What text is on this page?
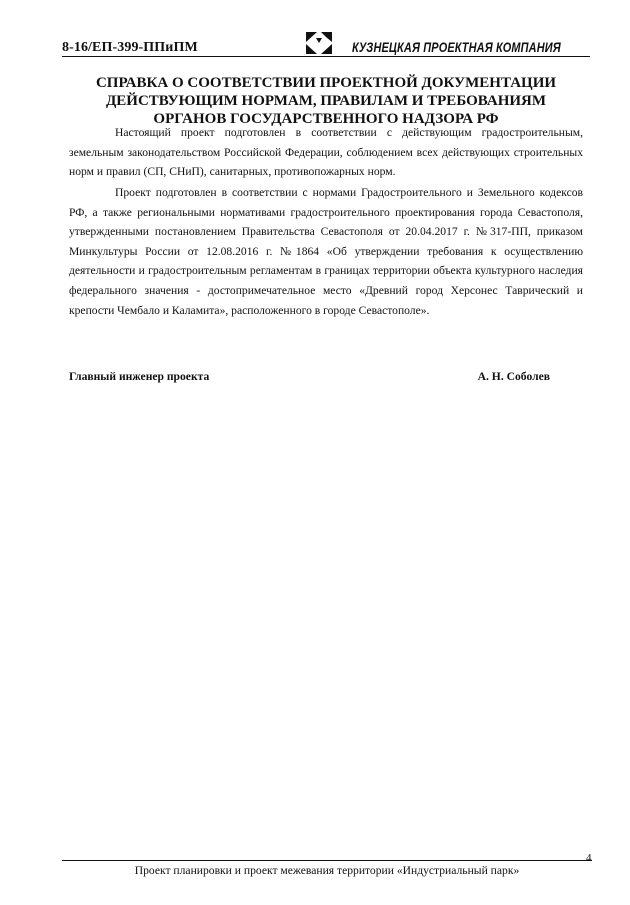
8-16/ЕП-399-ППиПМ	КУЗНЕЦКАЯ ПРОЕКТНАЯ КОМПАНИЯ
СПРАВКА О СООТВЕТСТВИИ ПРОЕКТНОЙ ДОКУМЕНТАЦИИ
ДЕЙСТВУЮЩИМ НОРМАМ, ПРАВИЛАМ И ТРЕБОВАНИЯМ
ОРГАНОВ ГОСУДАРСТВЕННОГО НАДЗОРА РФ

Настоящий проект подготовлен в соответствии с действующим градостроительным, земельным законодательством Российской Федерации, соблюдением всех действующих строительных норм и правил (СП, СНиП), санитарных, противопожарных норм.

Проект подготовлен в соответствии с нормами Градостроительного и Земельного кодексов РФ, а также региональными нормативами градостроительного проектирования города Севастополя, утвержденными постановлением Правительства Севастополя от 20.04.2017 г. №317-ПП, приказом Минкультуры России от 12.08.2016 г. №1864 «Об утверждении требования к осуществлению деятельности и градостроительным регламентам в границах территории объекта культурного наследия федерального значения - достопримечательное место «Древний город Херсонес Таврический и крепости Чембало и Каламита», расположенного в городе Севастополе».

Главный инженер проекта	А. Н. Соболев
4
Проект планировки и проект межевания территории «Индустриальный парк»
